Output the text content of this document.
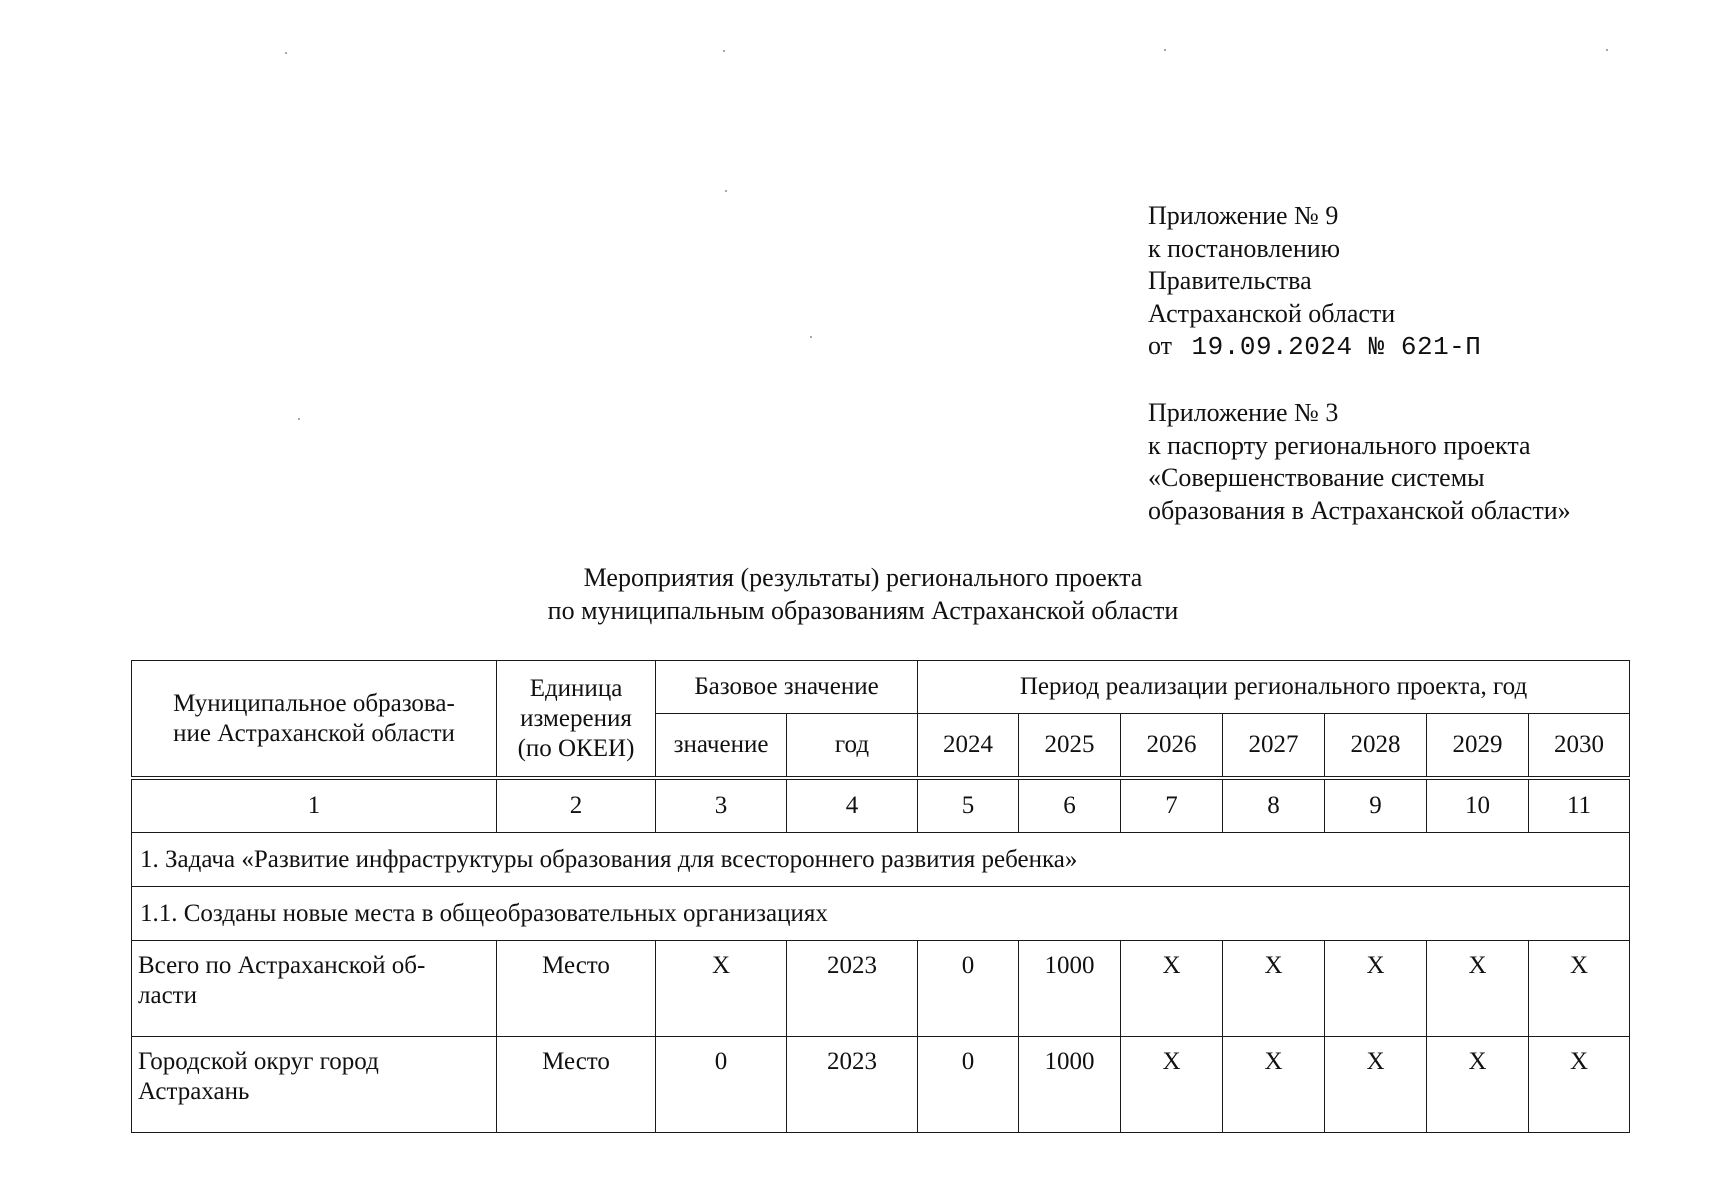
Приложение № 9
к постановлению
Правительства
Астраханской области
от 19.09.2024 № 621-П
Приложение № 3
к паспорту регионального проекта
«Совершенствование системы
образования в Астраханской области»
Мероприятия (результаты) регионального проекта
по муниципальным образованиям Астраханской области
Муниципальное образова-
ние Астраханской области	Единица
измерения
(по ОКЕИ)	Базовое значение		Период реализации регионального проекта, год						
		значение	год	2024	2025	2026	2027	2028	2029	2030
1	2	3	4	5	6	7	8	9	10	11
1. Задача «Развитие инфраструктуры образования для всестороннего развития ребенка»										
1.1. Созданы новые места в общеобразовательных организациях										

Всего по Астраханской об-
ласти	Место	Х	2023	0	1000	Х	Х	Х	Х	Х

Городской округ город
Астрахань	Место	0	2023	0	1000	Х	Х	Х	Х	Х
